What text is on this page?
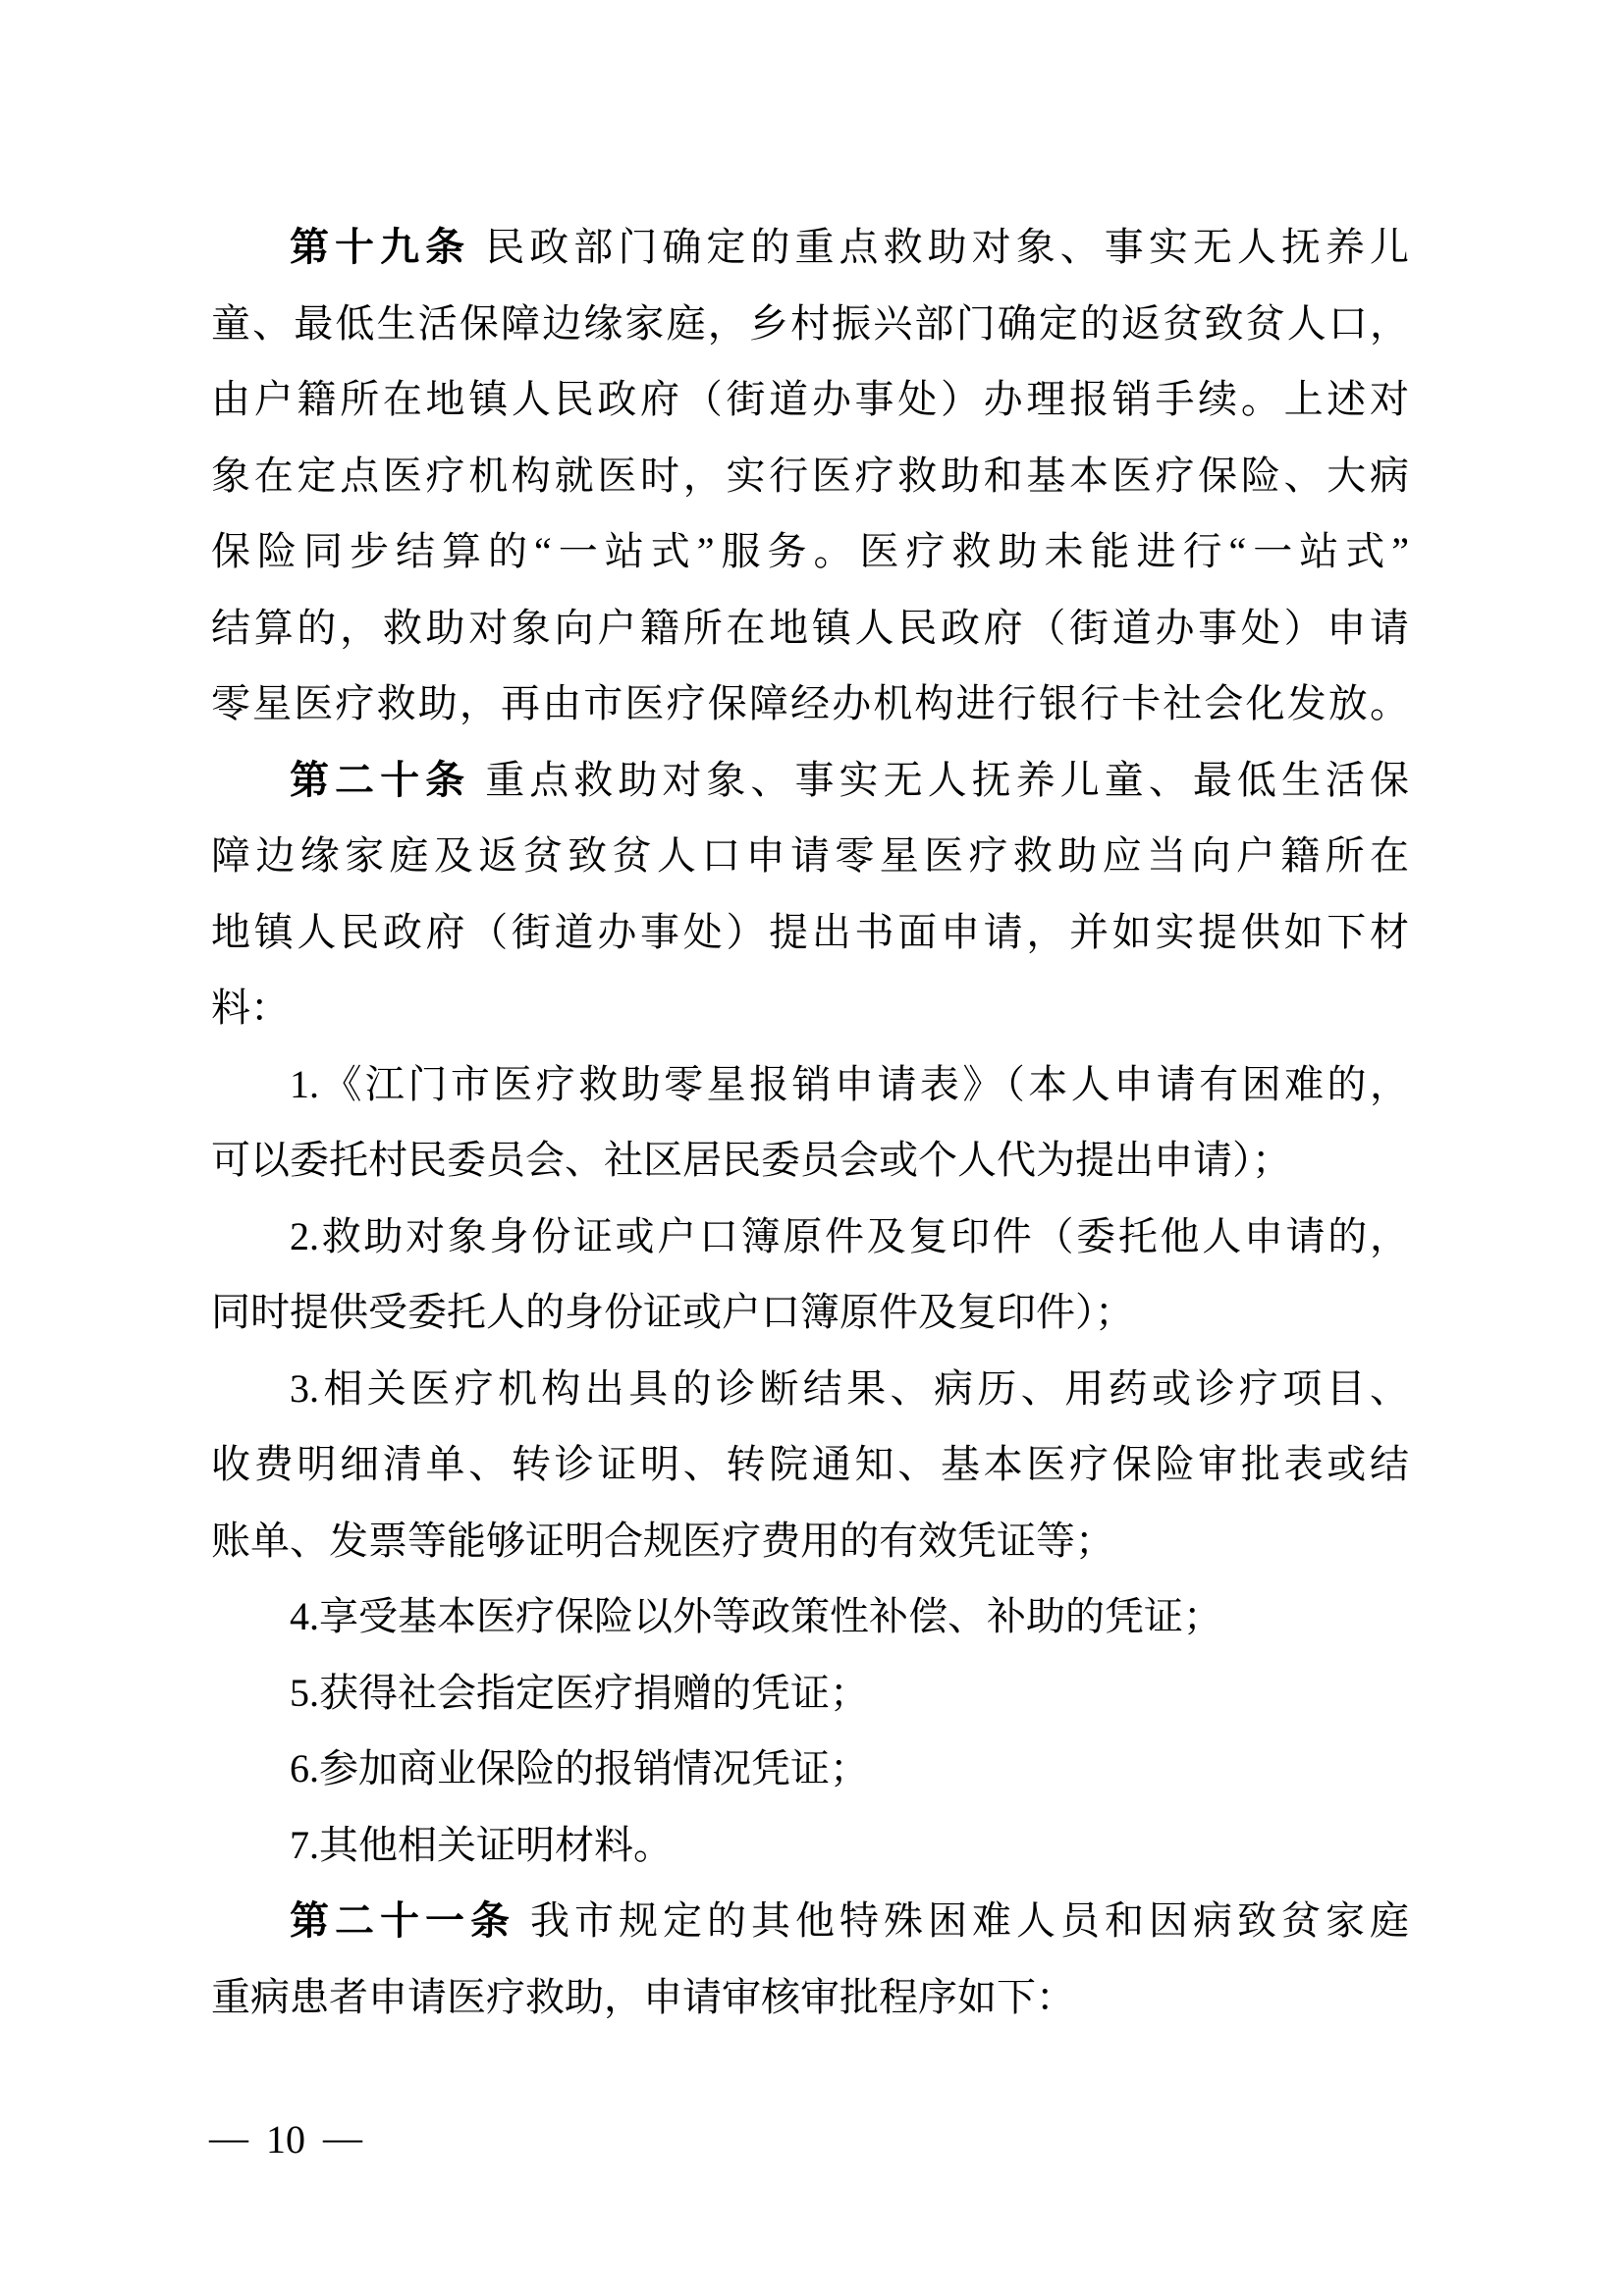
第十九条 民政部门确定的重点救助对象、事实无人抚养儿
童、最低生活保障边缘家庭，乡村振兴部门确定的返贫致贫人口，
由户籍所在地镇人民政府（街道办事处）办理报销手续。上述对
象在定点医疗机构就医时，实行医疗救助和基本医疗保险、大病
保险同步结算的“一站式”服务。医疗救助未能进行“一站式”
结算的，救助对象向户籍所在地镇人民政府（街道办事处）申请
零星医疗救助，再由市医疗保障经办机构进行银行卡社会化发放。
第二十条 重点救助对象、事实无人抚养儿童、最低生活保
障边缘家庭及返贫致贫人口申请零星医疗救助应当向户籍所在
地镇人民政府（街道办事处）提出书面申请，并如实提供如下材
料：
1.《江门市医疗救助零星报销申请表》（本人申请有困难的，
可以委托村民委员会、社区居民委员会或个人代为提出申请）；
2.救助对象身份证或户口簿原件及复印件（委托他人申请的，
同时提供受委托人的身份证或户口簿原件及复印件）；
3.相关医疗机构出具的诊断结果、病历、用药或诊疗项目、
收费明细清单、转诊证明、转院通知、基本医疗保险审批表或结
账单、发票等能够证明合规医疗费用的有效凭证等；
4.享受基本医疗保险以外等政策性补偿、补助的凭证；
5.获得社会指定医疗捐赠的凭证；
6.参加商业保险的报销情况凭证；
7.其他相关证明材料。
第二十一条 我市规定的其他特殊困难人员和因病致贫家庭
重病患者申请医疗救助，申请审核审批程序如下：
— 10 —
